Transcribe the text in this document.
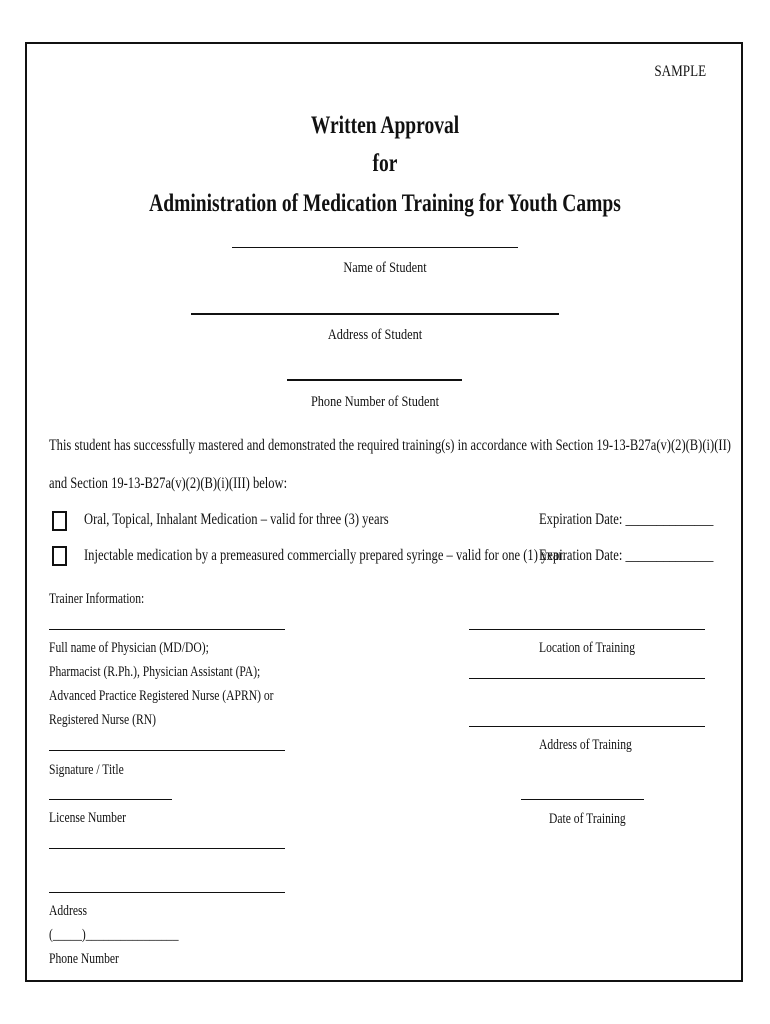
SAMPLE
Written Approval
for
Administration of Medication Training for Youth Camps
Name of Student
Address of Student
Phone Number of Student
This student has successfully mastered and demonstrated the required training(s) in accordance with Section 19-13-B27a(v)(2)(B)(i)(II)
and Section 19-13-B27a(v)(2)(B)(i)(III) below:
Oral, Topical, Inhalant Medication – valid for three (3) years	Expiration Date: ______________
Injectable medication by a premeasured commercially prepared syringe – valid for one (1) year
Expiration Date: ______________
Trainer Information:
Full name of Physician (MD/DO);
Pharmacist (R.Ph.), Physician Assistant (PA);
Advanced Practice Registered Nurse (APRN) or
Registered Nurse (RN)
Signature / Title
License Number
Address
(_____)________________
Phone Number
Location of Training
Address of Training
Date of Training
